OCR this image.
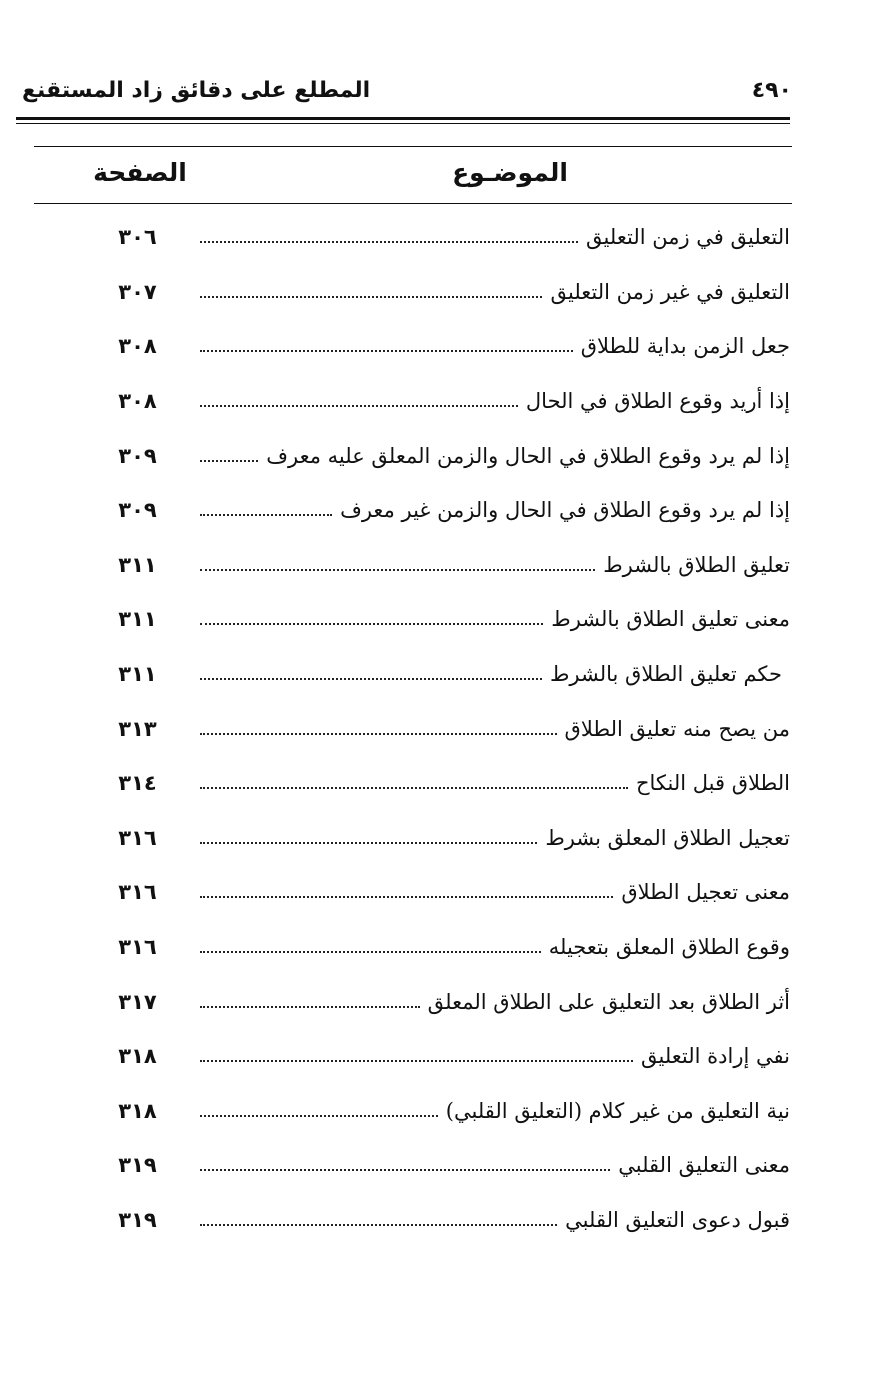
المطلع على دقائق زاد المستقنع	٤٩٠
الموضـوع
الصفحة
التعليق في زمن التعليق
٣٠٦
التعليق في غير زمن التعليق
٣٠٧
جعل الزمن بداية للطلاق
٣٠٨
إذا أريد وقوع الطلاق في الحال
٣٠٨
إذا لم يرد وقوع الطلاق في الحال والزمن المعلق عليه معرف
٣٠٩
إذا لم يرد وقوع الطلاق في الحال والزمن غير معرف
٣٠٩
تعليق الطلاق بالشرط
٣١١
معنى تعليق الطلاق بالشرط
٣١١
حكم تعليق الطلاق بالشرط
٣١١
من يصح منه تعليق الطلاق
٣١٣
الطلاق قبل النكاح
٣١٤
تعجيل الطلاق المعلق بشرط
٣١٦
معنى تعجيل الطلاق
٣١٦
وقوع الطلاق المعلق بتعجيله
٣١٦
أثر الطلاق بعد التعليق على الطلاق المعلق
٣١٧
نفي إرادة التعليق
٣١٨
نية التعليق من غير كلام (التعليق القلبي)
٣١٨
معنى التعليق القلبي
٣١٩
قبول دعوى التعليق القلبي
٣١٩
